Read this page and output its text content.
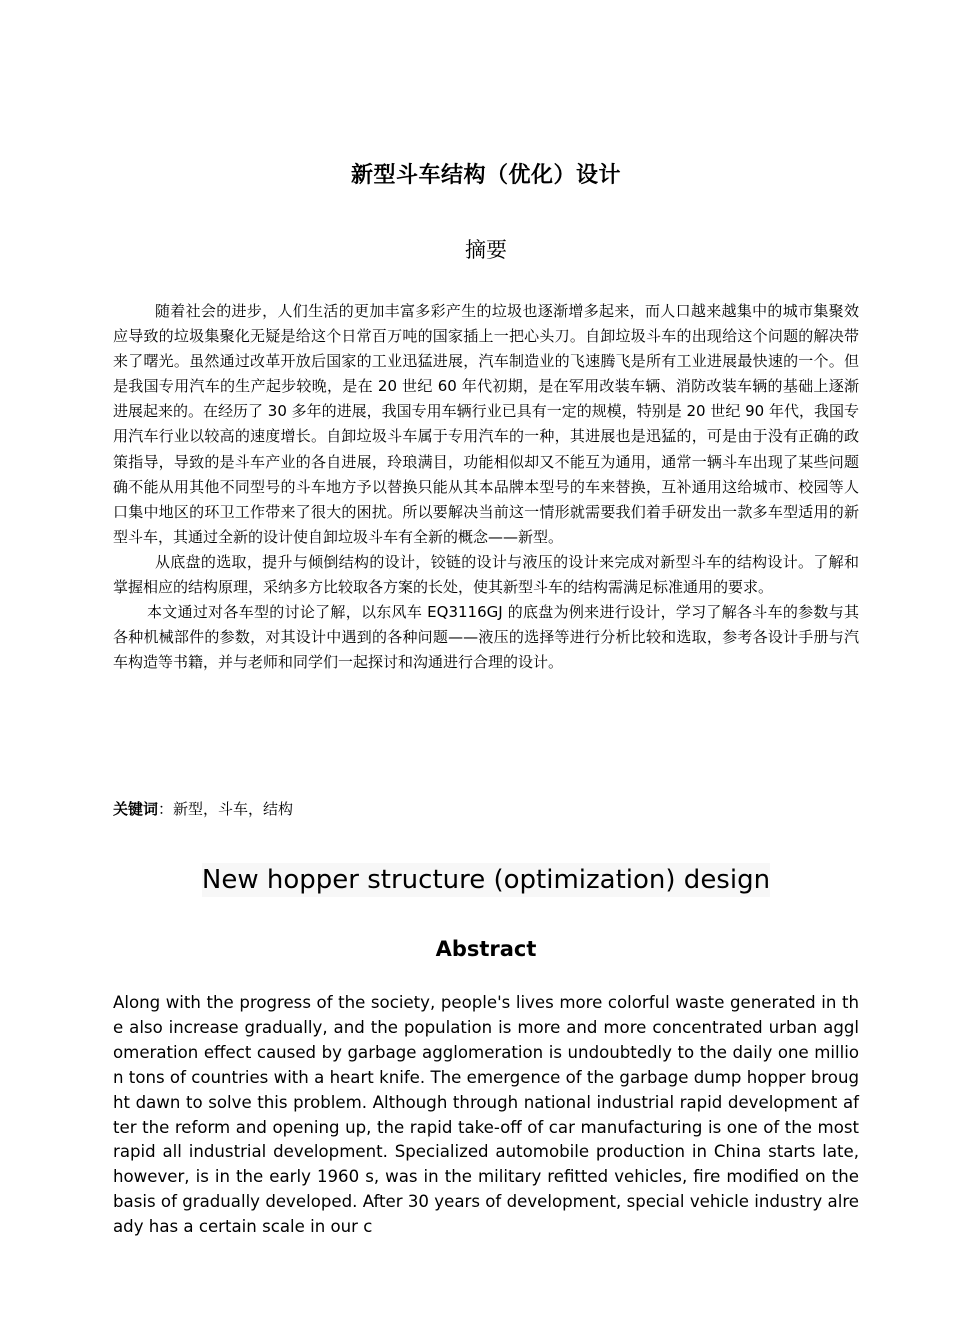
新型斗车结构（优化）设计
摘要

随着社会的进步，人们生活的更加丰富多彩产生的垃圾也逐渐增多起来，而人口越来越集中的城市集聚效应导致的垃圾集聚化无疑是给这个日常百万吨的国家插上一把心头刀。自卸垃圾斗车的出现给这个问题的解决带来了曙光。虽然通过改革开放后国家的工业迅猛进展，汽车制造业的飞速腾飞是所有工业进展最快速的一个。但是我国专用汽车的生产起步较晚，是在 20 世纪 60 年代初期，是在军用改装车辆、消防改装车辆的基础上逐渐进展起来的。在经历了 30 多年的进展，我国专用车辆行业已具有一定的规模，特别是 20 世纪 90 年代，我国专用汽车行业以较高的速度增长。自卸垃圾斗车属于专用汽车的一种，其进展也是迅猛的，可是由于没有正确的政策指导，导致的是斗车产业的各自进展，玲琅满目，功能相似却又不能互为通用，通常一辆斗车出现了某些问题确不能从用其他不同型号的斗车地方予以替换只能从其本品牌本型号的车来替换，互补通用这给城市、校园等人口集中地区的环卫工作带来了很大的困扰。所以要解决当前这一情形就需要我们着手研发出一款多车型适用的新型斗车，其通过全新的设计使自卸垃圾斗车有全新的概念——新型。

从底盘的选取，提升与倾倒结构的设计，铰链的设计与液压的设计来完成对新型斗车的结构设计。了解和掌握相应的结构原理，采纳多方比较取各方案的长处，使其新型斗车的结构需满足标准通用的要求。

本文通过对各车型的讨论了解，以东风车 EQ3116GJ 的底盘为例来进行设计，学习了解各斗车的参数与其各种机械部件的参数，对其设计中遇到的各种问题——液压的选择等进行分析比较和选取，参考各设计手册与汽车构造等书籍，并与老师和同学们一起探讨和沟通进行合理的设计。

关键词：新型，斗车，结构
New hopper structure (optimization) design
Abstract
Along with the progress of the society, people's lives more colorful waste generated in the also increase gradually, and the population is more and more concentrated urban agglomeration effect caused by garbage agglomeration is undoubtedly to the daily one million tons of countries with a heart knife. The emergence of the garbage dump hopper brought dawn to solve this problem. Although through national industrial rapid development after the reform and opening up, the rapid take-off of car manufacturing is one of the most rapid all industrial development. Specialized automobile production in China starts late, however, is in the early 1960 s, was in the military refitted vehicles, fire modified on the basis of gradually developed. After 30 years of development, special vehicle industry already has a certain scale in our c
